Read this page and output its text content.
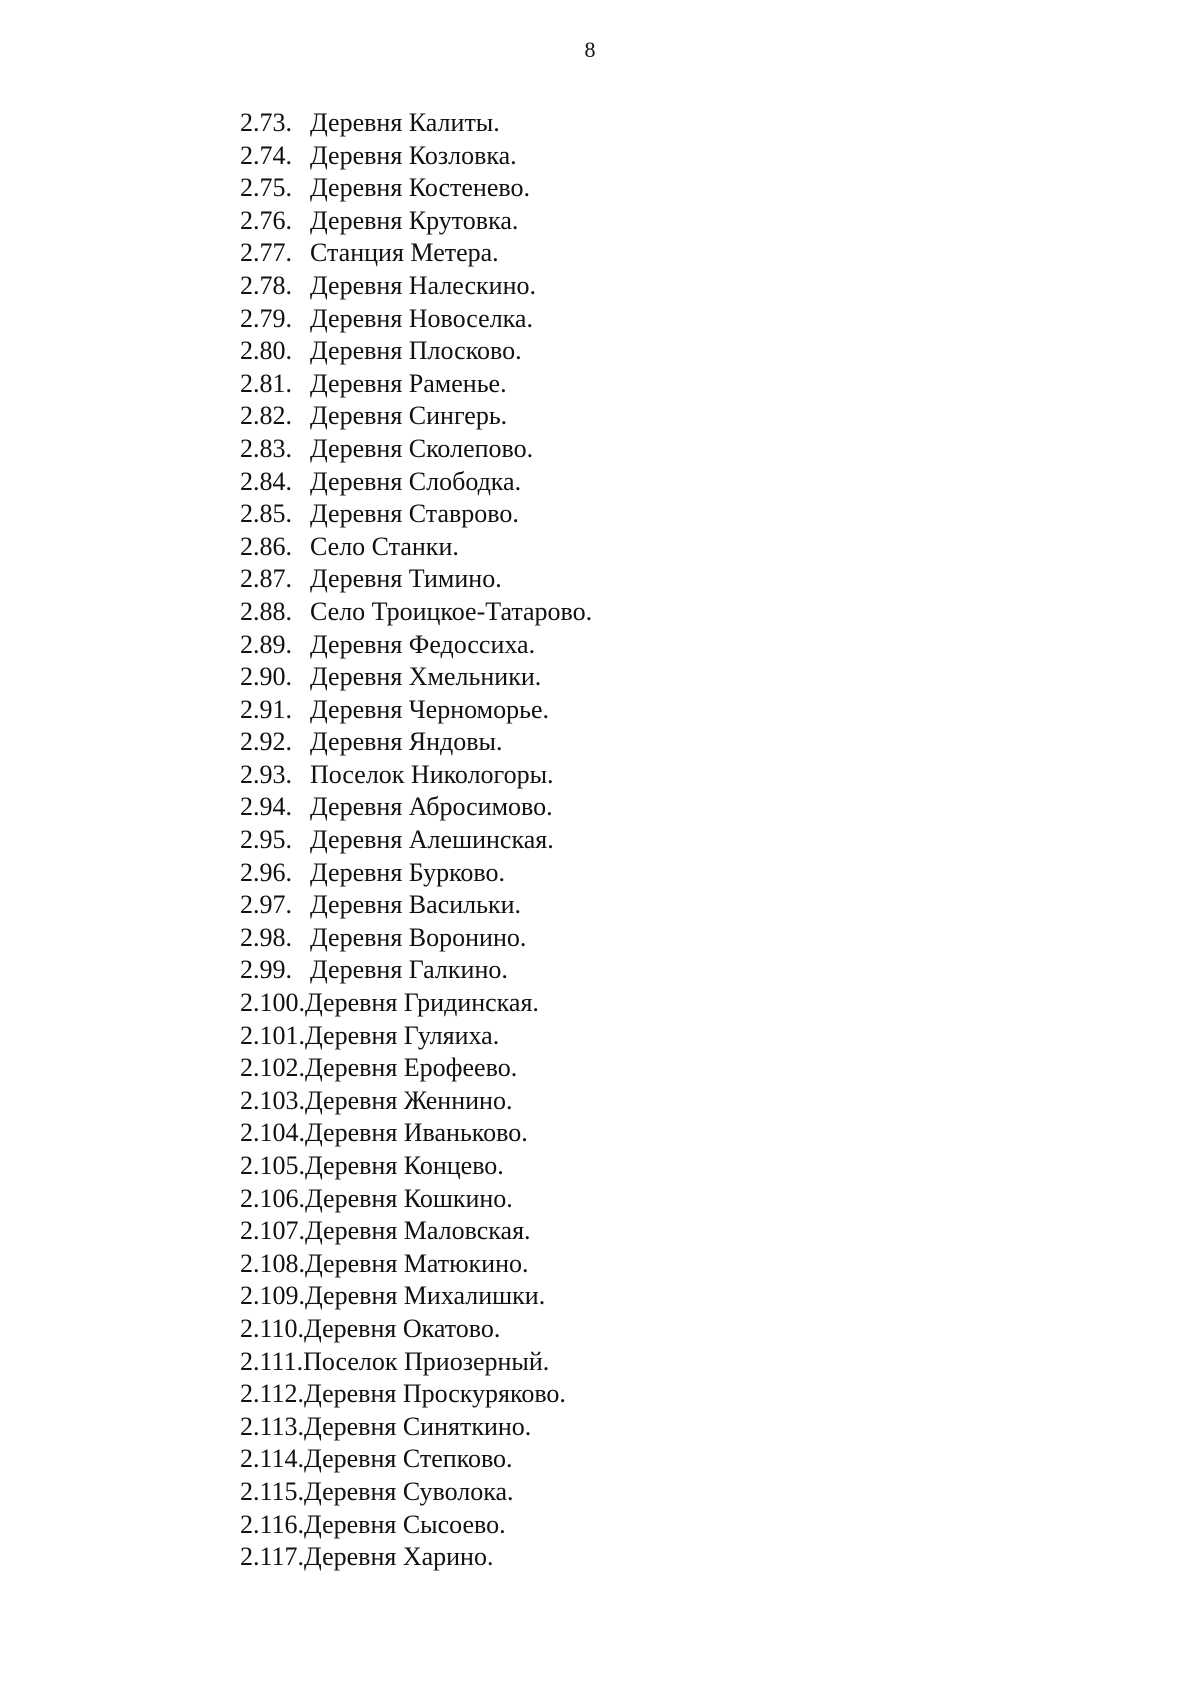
8
2.73. Деревня Калиты.
2.74. Деревня Козловка.
2.75. Деревня Костенево.
2.76. Деревня Крутовка.
2.77. Станция Метера.
2.78. Деревня Налескино.
2.79. Деревня Новоселка.
2.80. Деревня Плосково.
2.81. Деревня Раменье.
2.82. Деревня Сингерь.
2.83. Деревня Сколепово.
2.84. Деревня Слободка.
2.85. Деревня Ставрово.
2.86. Село Станки.
2.87. Деревня Тимино.
2.88. Село Троицкое-Татарово.
2.89. Деревня Федоссиха.
2.90. Деревня Хмельники.
2.91. Деревня Черноморье.
2.92. Деревня Яндовы.
2.93. Поселок Никологоры.
2.94. Деревня Абросимово.
2.95. Деревня Алешинская.
2.96. Деревня Бурково.
2.97. Деревня Васильки.
2.98. Деревня Воронино.
2.99. Деревня Галкино.
2.100. Деревня Гридинская.
2.101. Деревня Гуляиха.
2.102. Деревня Ерофеево.
2.103. Деревня Женнино.
2.104. Деревня Иваньково.
2.105. Деревня Концево.
2.106. Деревня Кошкино.
2.107. Деревня Маловская.
2.108. Деревня Матюкино.
2.109. Деревня Михалишки.
2.110. Деревня Окатово.
2.111. Поселок Приозерный.
2.112. Деревня Проскуряково.
2.113. Деревня Синяткино.
2.114. Деревня Степково.
2.115. Деревня Суволока.
2.116. Деревня Сысоево.
2.117. Деревня Харино.
